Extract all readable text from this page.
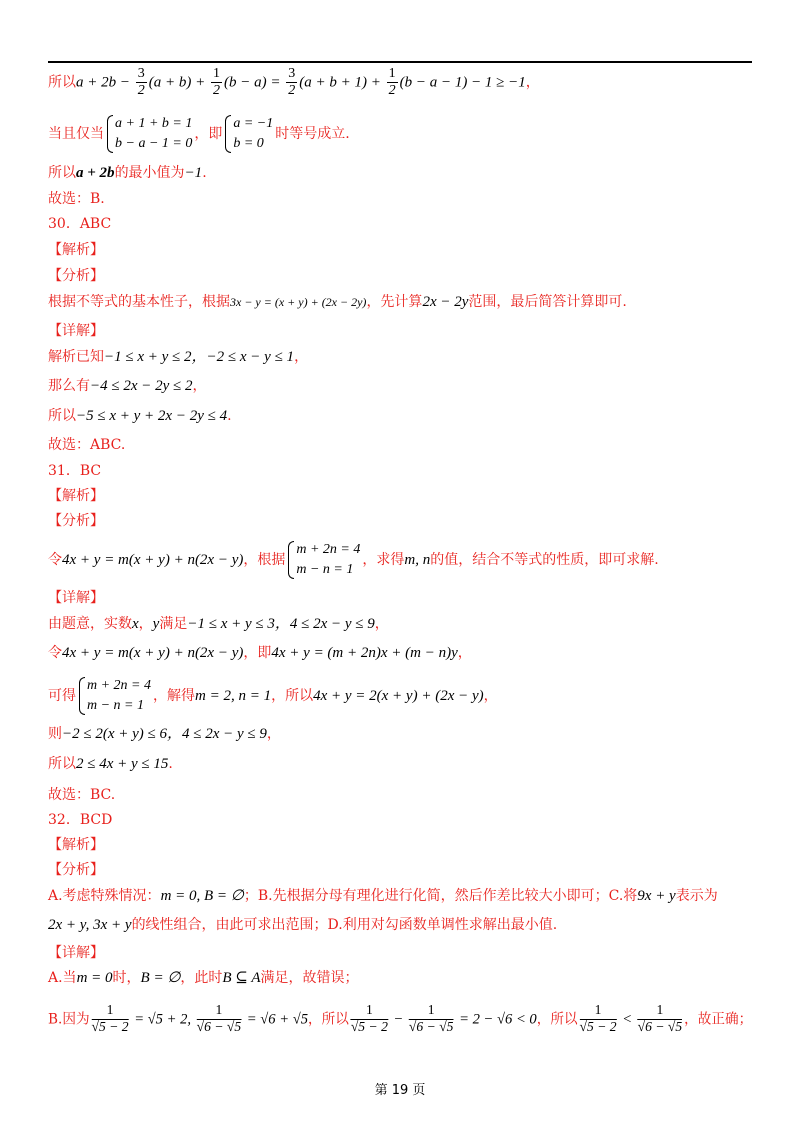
所以$a + 2b - \frac{3}{2} (a + b) + \frac{1}{2} (b - a) = \frac{3}{2} (a + b + 1) + \frac{1}{2} (b - a - 1) - 1 \ge -1$，
当且仅当
a + 1 + b = 1
b − a − 1 = 0
，即
a = −1
b = 0
时等号成立.
所以a + 2b的最小值为−1.
故选：B.
30．ABC
【解析】
【分析】
根据不等式的基本性子，根据3x − y = (x + y) + (2x − 2y)，先计算2x − 2y范围，最后简答计算即可.
【详解】
解析已知−1 ≤ x + y ≤ 2，−2 ≤ x − y ≤ 1，
那么有−4 ≤ 2x − 2y ≤ 2，
所以−5 ≤ x + y + 2x − 2y ≤ 4.
故选：ABC.
31．BC
【解析】
【分析】
令4x + y = m(x + y) + n(2x − y)，根据
m + 2n = 4
m − n = 1
，求得m, n的值，结合不等式的性质，即可求解.
【详解】
由题意，实数x，y满足−1 ≤ x + y ≤ 3，4 ≤ 2x − y ≤ 9，
令4x + y = m(x + y) + n(2x − y)，即4x + y = (m + 2n)x + (m − n)y，
可得
m + 2n = 4
m − n = 1
，解得m = 2, n = 1，所以4x + y = 2(x + y) + (2x − y)，
则−2 ≤ 2(x + y) ≤ 6，4 ≤ 2x − y ≤ 9，
所以2 ≤ 4x + y ≤ 15.
故选：BC.
32．BCD
【解析】
【分析】
A.考虑特殊情况：m = 0, B = ∅；B.先根据分母有理化进行化简，然后作差比较大小即可；C.将9x + y表示为
2x + y, 3x + y的线性组合，由此可求出范围；D.利用对勾函数单调性求解出最小值.
【详解】
A.当m = 0时，B = ∅，此时B ⊆ A满足，故错误；
B.因为 $\frac{1}{√5 - 2} = √5 + 2$, $\frac{1}{√6 - √5} = √6 + √5$，所以 $\frac{1}{√5 - 2} - \frac{1}{√6 - √5} = 2 - √6 < 0$，所以 $\frac{1}{√5 - 2} < \frac{1}{√6 - √5}$ ，故正确；
第 19 页
